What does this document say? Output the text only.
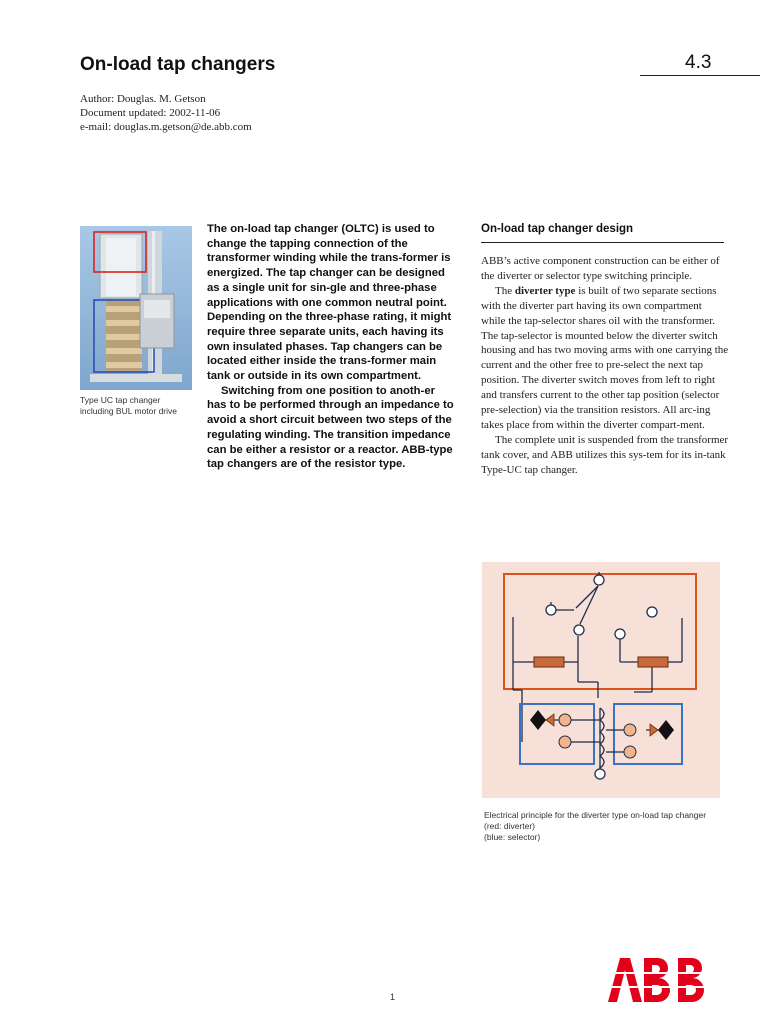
On-load tap changers	4.3
Author: Douglas. M. Getson
Document updated: 2002-11-06
e-mail: douglas.m.getson@de.abb.com
Type UC tap changer
including BUL motor drive

The on-load tap changer (OLTC) is used to change the tapping connection of the transformer winding while the trans-former is energized. The tap changer can be designed as a single unit for sin-gle and three-phase applications with one common neutral point. Depending on the three-phase rating, it might require three separate units, each having its own insulated phases. Tap changers can be located either inside the trans-former main tank or outside in its own compartment.

Switching from one position to anoth-er has to be performed through an impedance to avoid a short circuit between two steps of the regulating winding. The transition impedance can be either a resistor or a reactor. ABB-type tap changers are of the resistor type.

On-load tap changer design

ABB’s active component construction can be either of the diverter or selector type switching principle.

The diverter type is built of two separate sections with the diverter part having its own compartment while the tap-selector shares oil with the transformer. The tap-selector is mounted below the diverter switch housing and has two moving arms with one carrying the current and the other free to pre-select the next tap position. The diverter switch moves from left to right and transfers current to the other tap position (selector pre-selection) via the transition resistors. All arc-ing takes place from within the diverter compart-ment.

The complete unit is suspended from the transformer tank cover, and ABB utilizes this sys-tem for its in-tank Type-UC tap changer.

Electrical principle for the diverter type on-load tap changer
(red: diverter)
(blue: selector)
1
